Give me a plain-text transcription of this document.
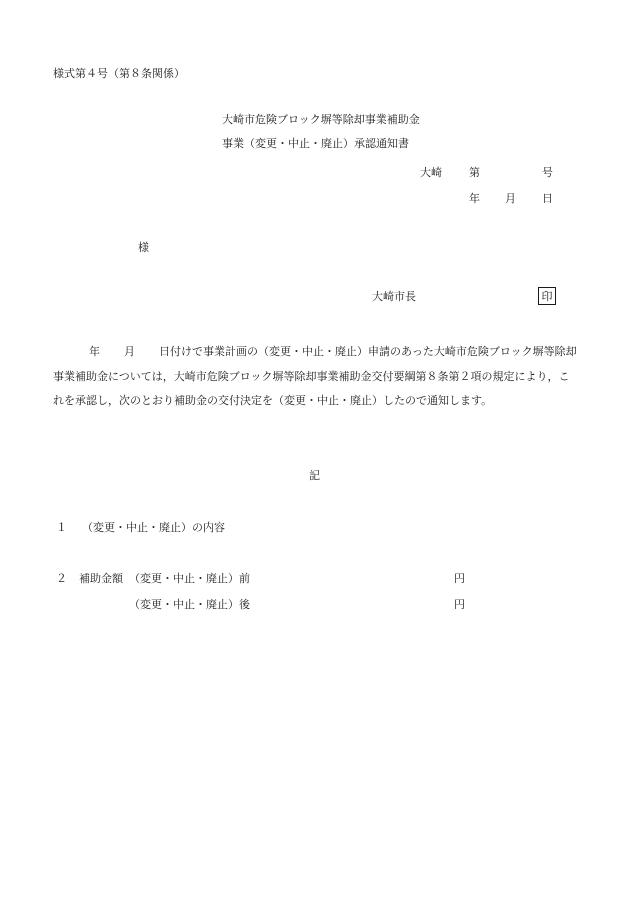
様式第４号（第８条関係）
大崎市危険ブロック塀等除却事業補助金
事業（変更・中止・廃止）承認通知書
大崎 第	号
年 月 日
様
大崎市長	印
年 月 日付けで事業計画の（変更・中止・廃止）申請のあった大崎市危険ブロック塀等除却事業補助金については，大崎市危険ブロック塀等除却事業補助金交付要綱第８条第２項の規定により，これを承認し，次のとおり補助金の交付決定を（変更・中止・廃止）したので通知します。
記
１ （変更・中止・廃止）の内容
２ 補助金額 （変更・中止・廃止）前	円
（変更・中止・廃止）後	円
